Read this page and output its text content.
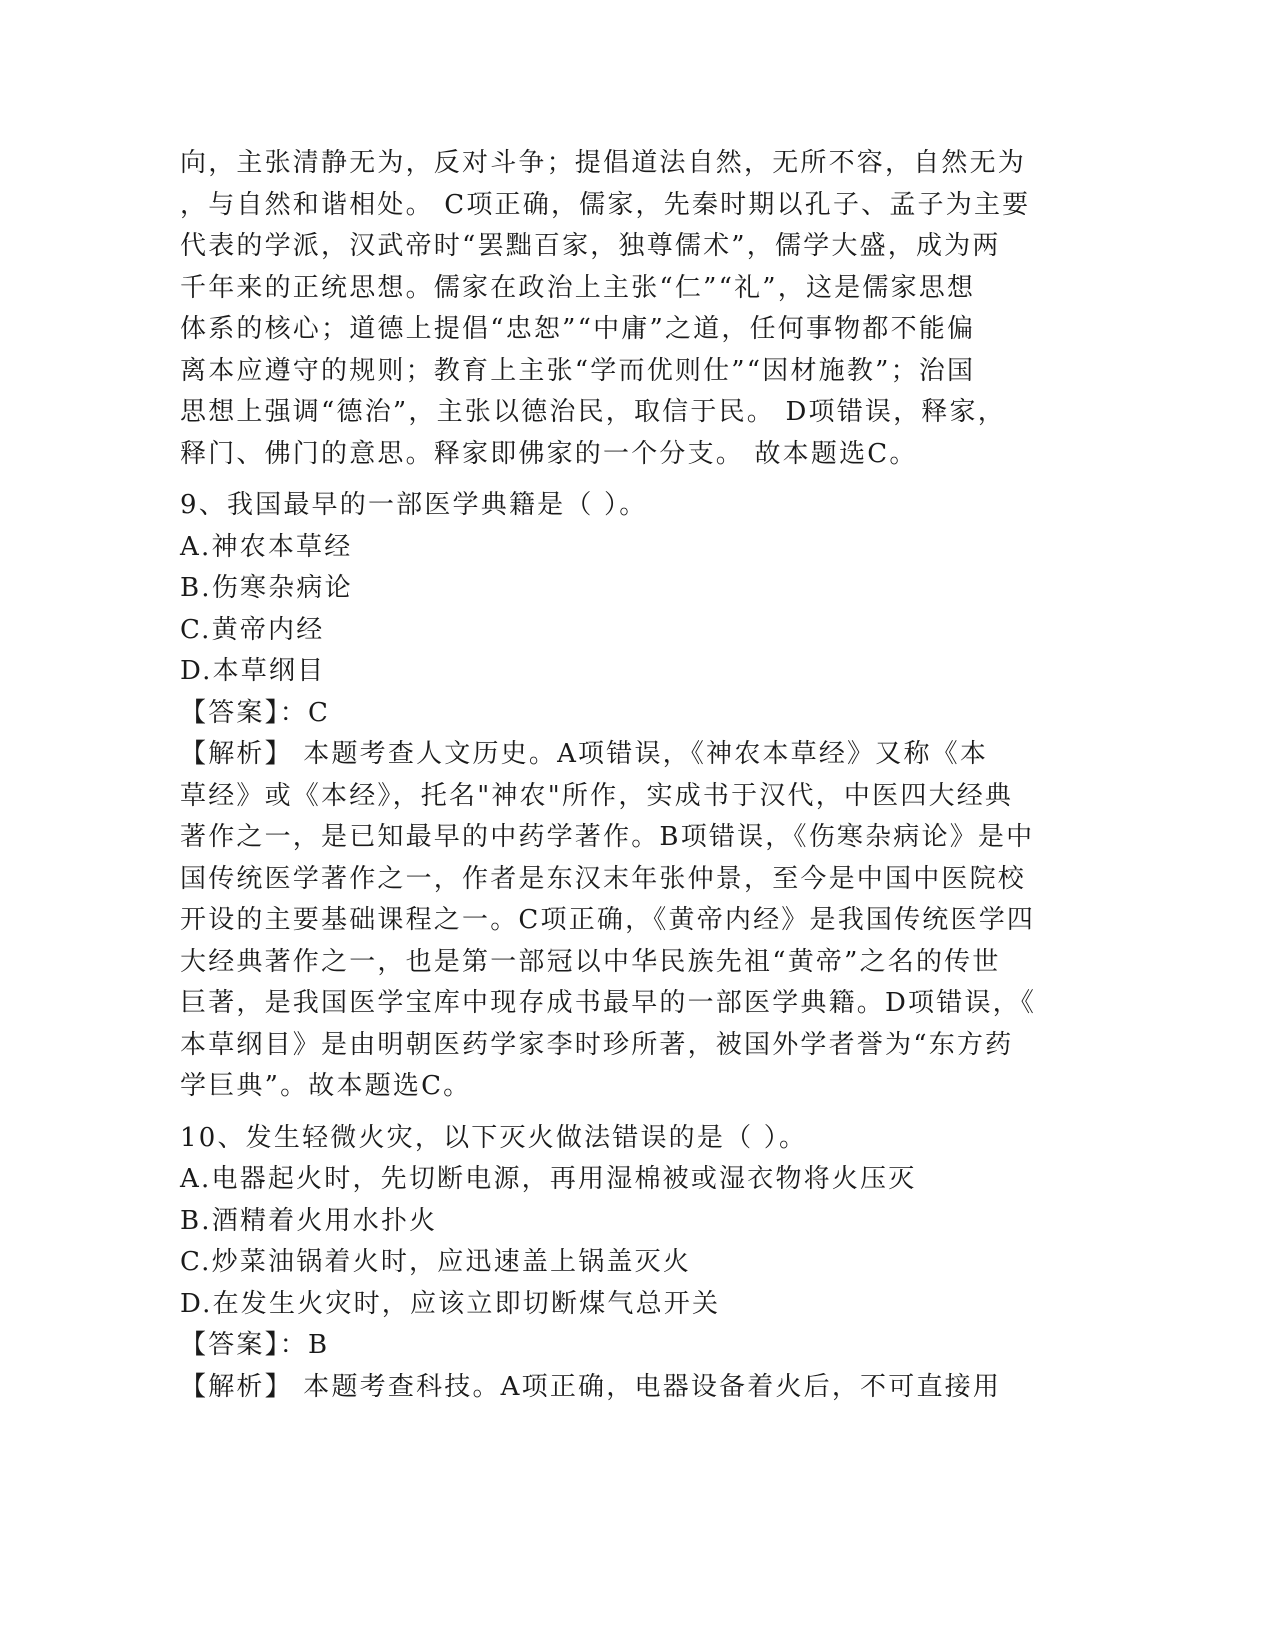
向，主张清静无为，反对斗争；提倡道法自然，无所不容，自然无为
，与自然和谐相处。 C项正确，儒家，先秦时期以孔子、孟子为主要
代表的学派，汉武帝时“罢黜百家，独尊儒术”，儒学大盛，成为两
千年来的正统思想。儒家在政治上主张“仁”“礼”，这是儒家思想
体系的核心；道德上提倡“忠恕”“中庸”之道，任何事物都不能偏
离本应遵守的规则；教育上主张“学而优则仕”“因材施教”；治国
思想上强调“德治”，主张以德治民，取信于民。 D项错误，释家，
释门、佛门的意思。释家即佛家的一个分支。 故本题选C。
9、我国最早的一部医学典籍是（ ）。
A.神农本草经
B.伤寒杂病论
C.黄帝内经
D.本草纲目
【答案】：C
【解析】 本题考查人文历史。A项错误，《神农本草经》又称《本
草经》或《本经》，托名"神农"所作，实成书于汉代，中医四大经典
著作之一，是已知最早的中药学著作。B项错误，《伤寒杂病论》是中
国传统医学著作之一，作者是东汉末年张仲景，至今是中国中医院校
开设的主要基础课程之一。C项正确，《黄帝内经》是我国传统医学四
大经典著作之一，也是第一部冠以中华民族先祖“黄帝”之名的传世
巨著，是我国医学宝库中现存成书最早的一部医学典籍。D项错误，《
本草纲目》是由明朝医药学家李时珍所著，被国外学者誉为“东方药
学巨典”。故本题选C。
10、发生轻微火灾，以下灭火做法错误的是（ ）。
A.电器起火时，先切断电源，再用湿棉被或湿衣物将火压灭
B.酒精着火用水扑火
C.炒菜油锅着火时，应迅速盖上锅盖灭火
D.在发生火灾时，应该立即切断煤气总开关
【答案】：B
【解析】 本题考查科技。A项正确，电器设备着火后，不可直接用
